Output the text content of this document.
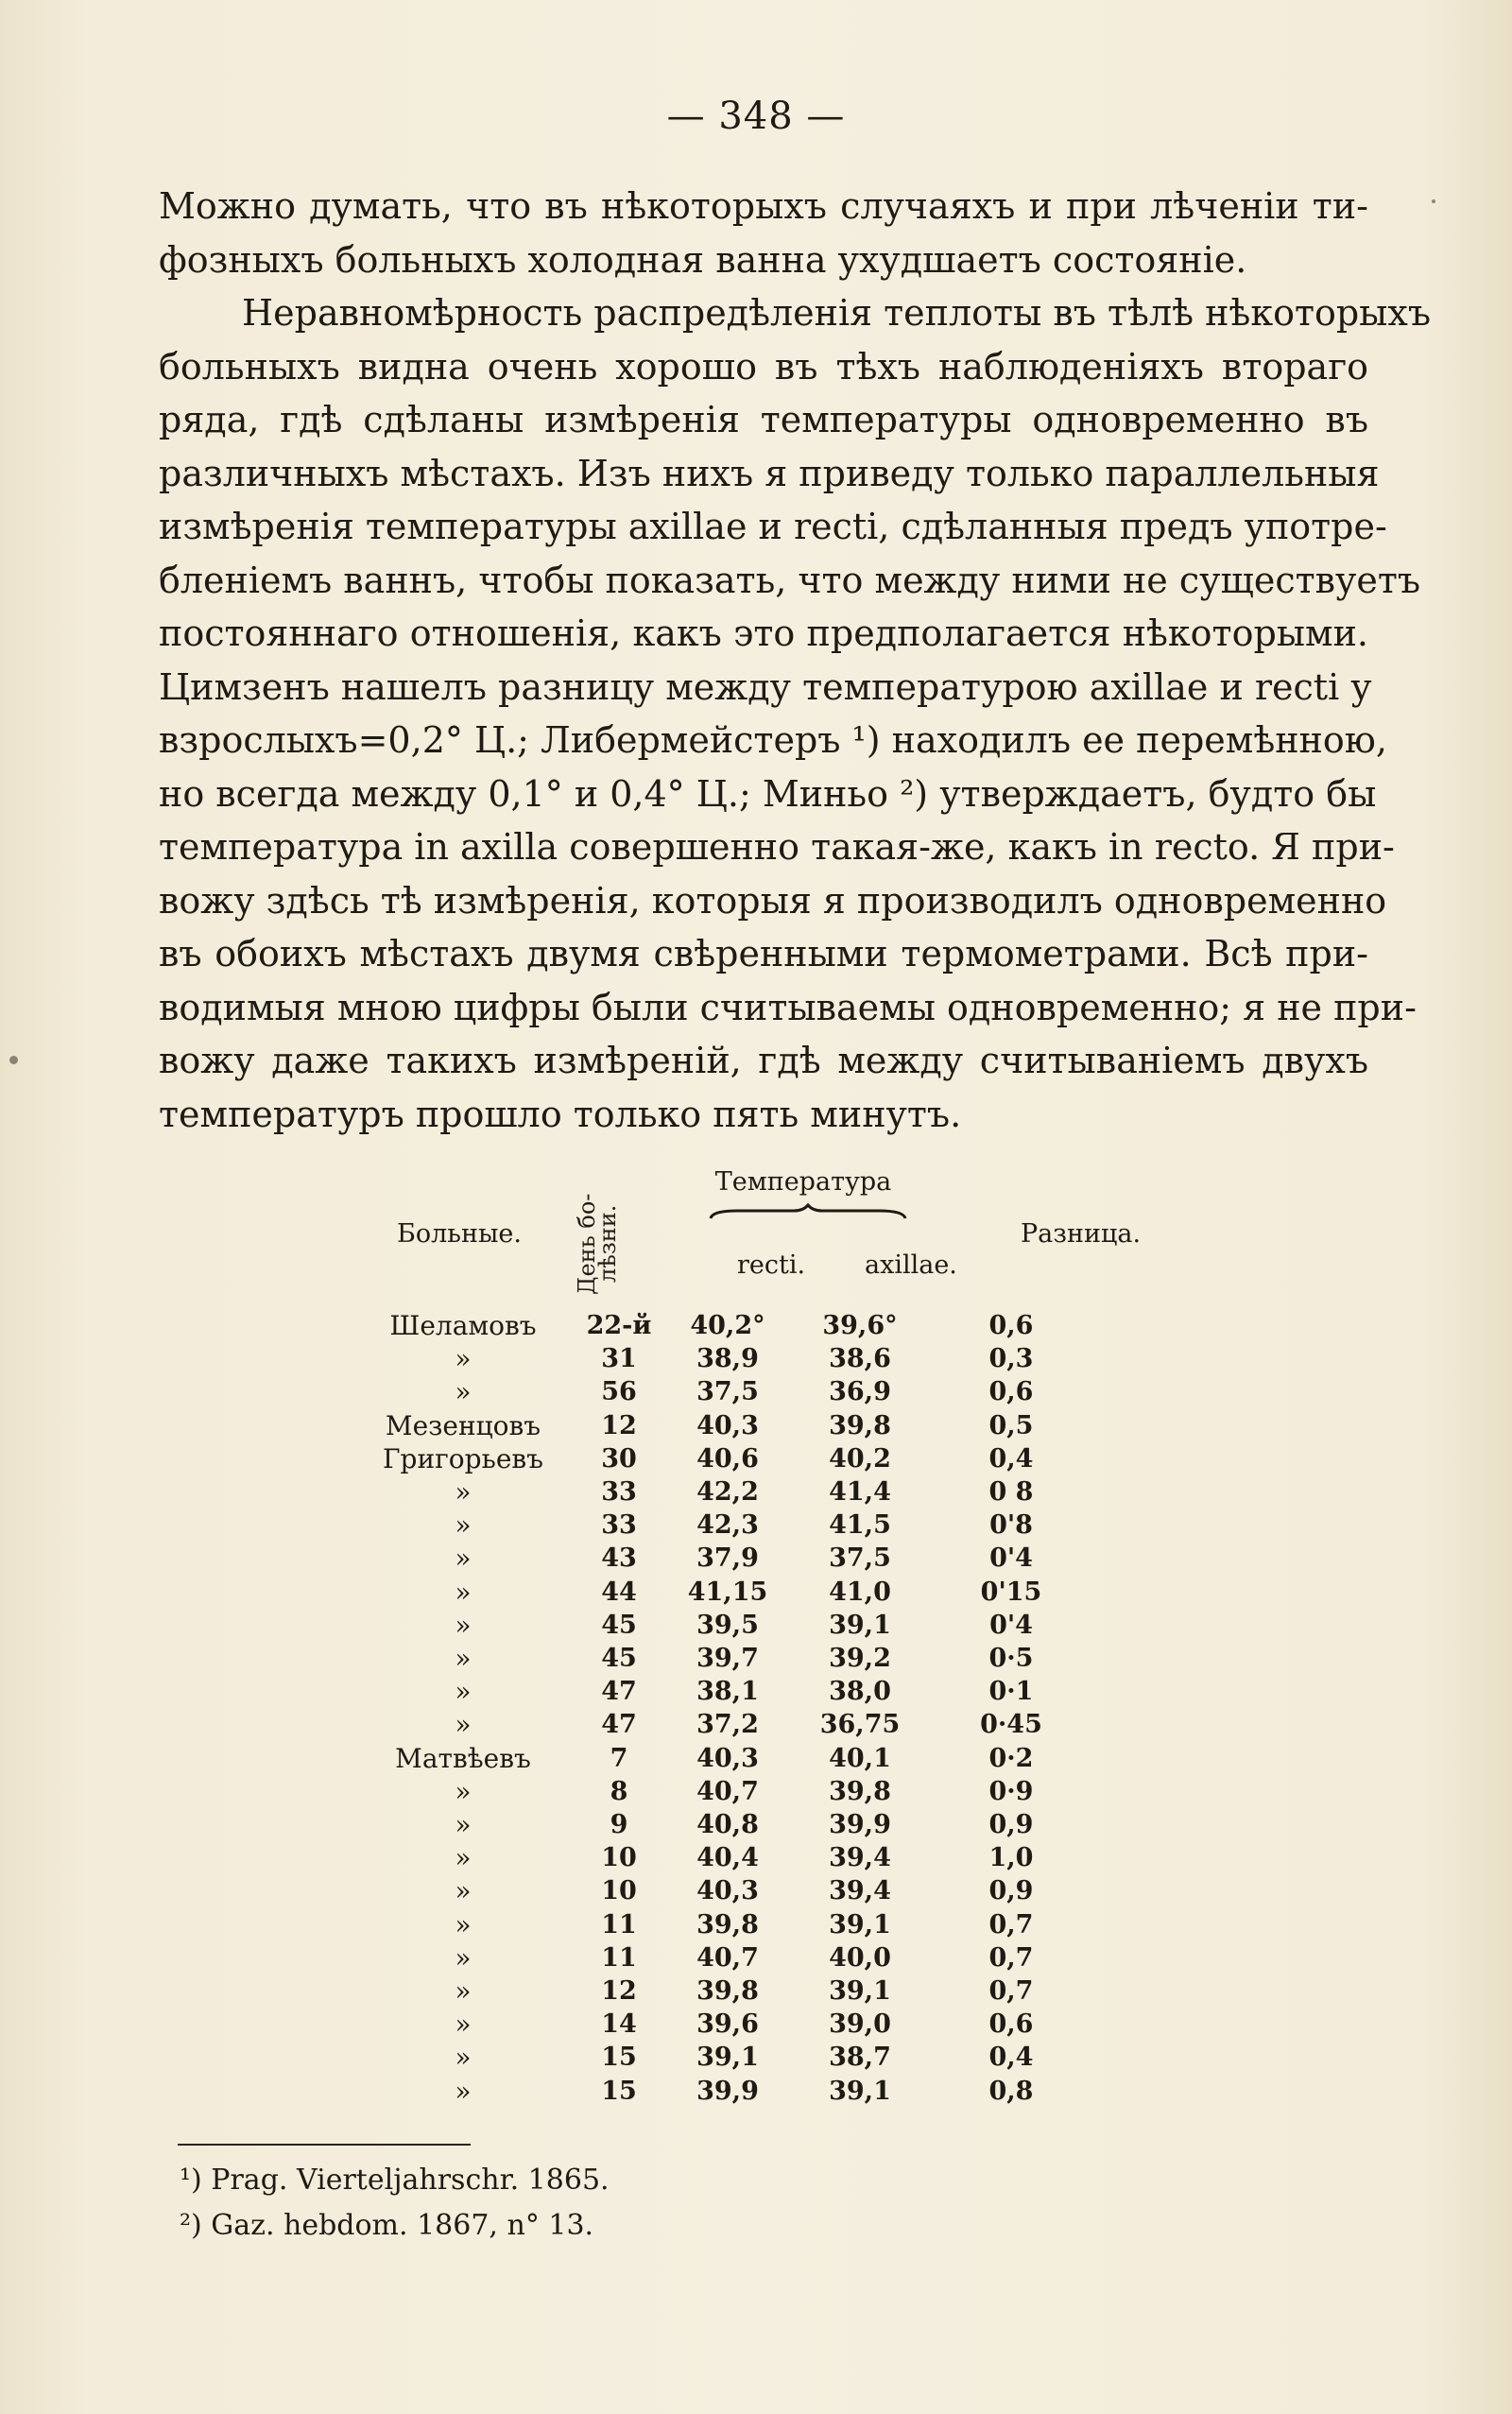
— 348 —

Можно думать, что въ нѣкоторыхъ случаяхъ и при лѣченіи ти-
фозныхъ больныхъ холодная ванна ухудшаетъ состояніе.

Неравномѣрность распредѣленія теплоты въ тѣлѣ нѣкоторыхъ
больныхъ видна очень хорошо въ тѣхъ наблюденіяхъ втораго
ряда, гдѣ сдѣланы измѣренія температуры одновременно въ
различныхъ мѣстахъ. Изъ нихъ я приведу только параллельныя
измѣренія температуры axillae и recti, сдѣланныя предъ употре-
бленіемъ ваннъ, чтобы показать, что между ними не существуетъ
постояннаго отношенія, какъ это предполагается нѣкоторыми.
Цимзенъ нашелъ разницу между температурою axillae и recti у
взрослыхъ=0,2° Ц.; Либермейстеръ ¹) находилъ ее перемѣнною,
но всегда между 0,1° и 0,4° Ц.; Миньо ²) утверждаетъ, будто бы
температура in axilla совершенно такая-же, какъ in recto. Я при-
вожу здѣсь тѣ измѣренія, которыя я производилъ одновременно
въ обоихъ мѣстахъ двумя свѣренными термометрами. Всѣ при-
водимыя мною цифры были считываемы одновременно; я не при-
вожу даже такихъ измѣреній, гдѣ между считываніемъ двухъ
температуръ прошло только пять минутъ.

Больные. День бо-лѣзни.
Температура
recti. axillae.
Разница.
Шеламовъ	22-й	40,2°	39,6°	0,6
»	31	38,9	38,6	0,3
»	56	37,5	36,9	0,6
Мезенцовъ	12	40,3	39,8	0,5
Григорьевъ	30	40,6	40,2	0,4
»	33	42,2	41,4	0 8
»	33	42,3	41,5	0'8
»	43	37,9	37,5	0'4
»	44	41,15	41,0	0'15
»	45	39,5	39,1	0'4
»	45	39,7	39,2	0·5
»	47	38,1	38,0	0·1
»	47	37,2	36,75	0·45
Матвѣевъ	7	40,3	40,1	0·2
»	8	40,7	39,8	0·9
»	9	40,8	39,9	0,9
»	10	40,4	39,4	1,0
»	10	40,3	39,4	0,9
»	11	39,8	39,1	0,7
»	11	40,7	40,0	0,7
»	12	39,8	39,1	0,7
»	14	39,6	39,0	0,6
»	15	39,1	38,7	0,4
»	15	39,9	39,1	0,8
¹) Prag. Vierteljahrschr. 1865.
²) Gaz. hebdom. 1867, n° 13.
